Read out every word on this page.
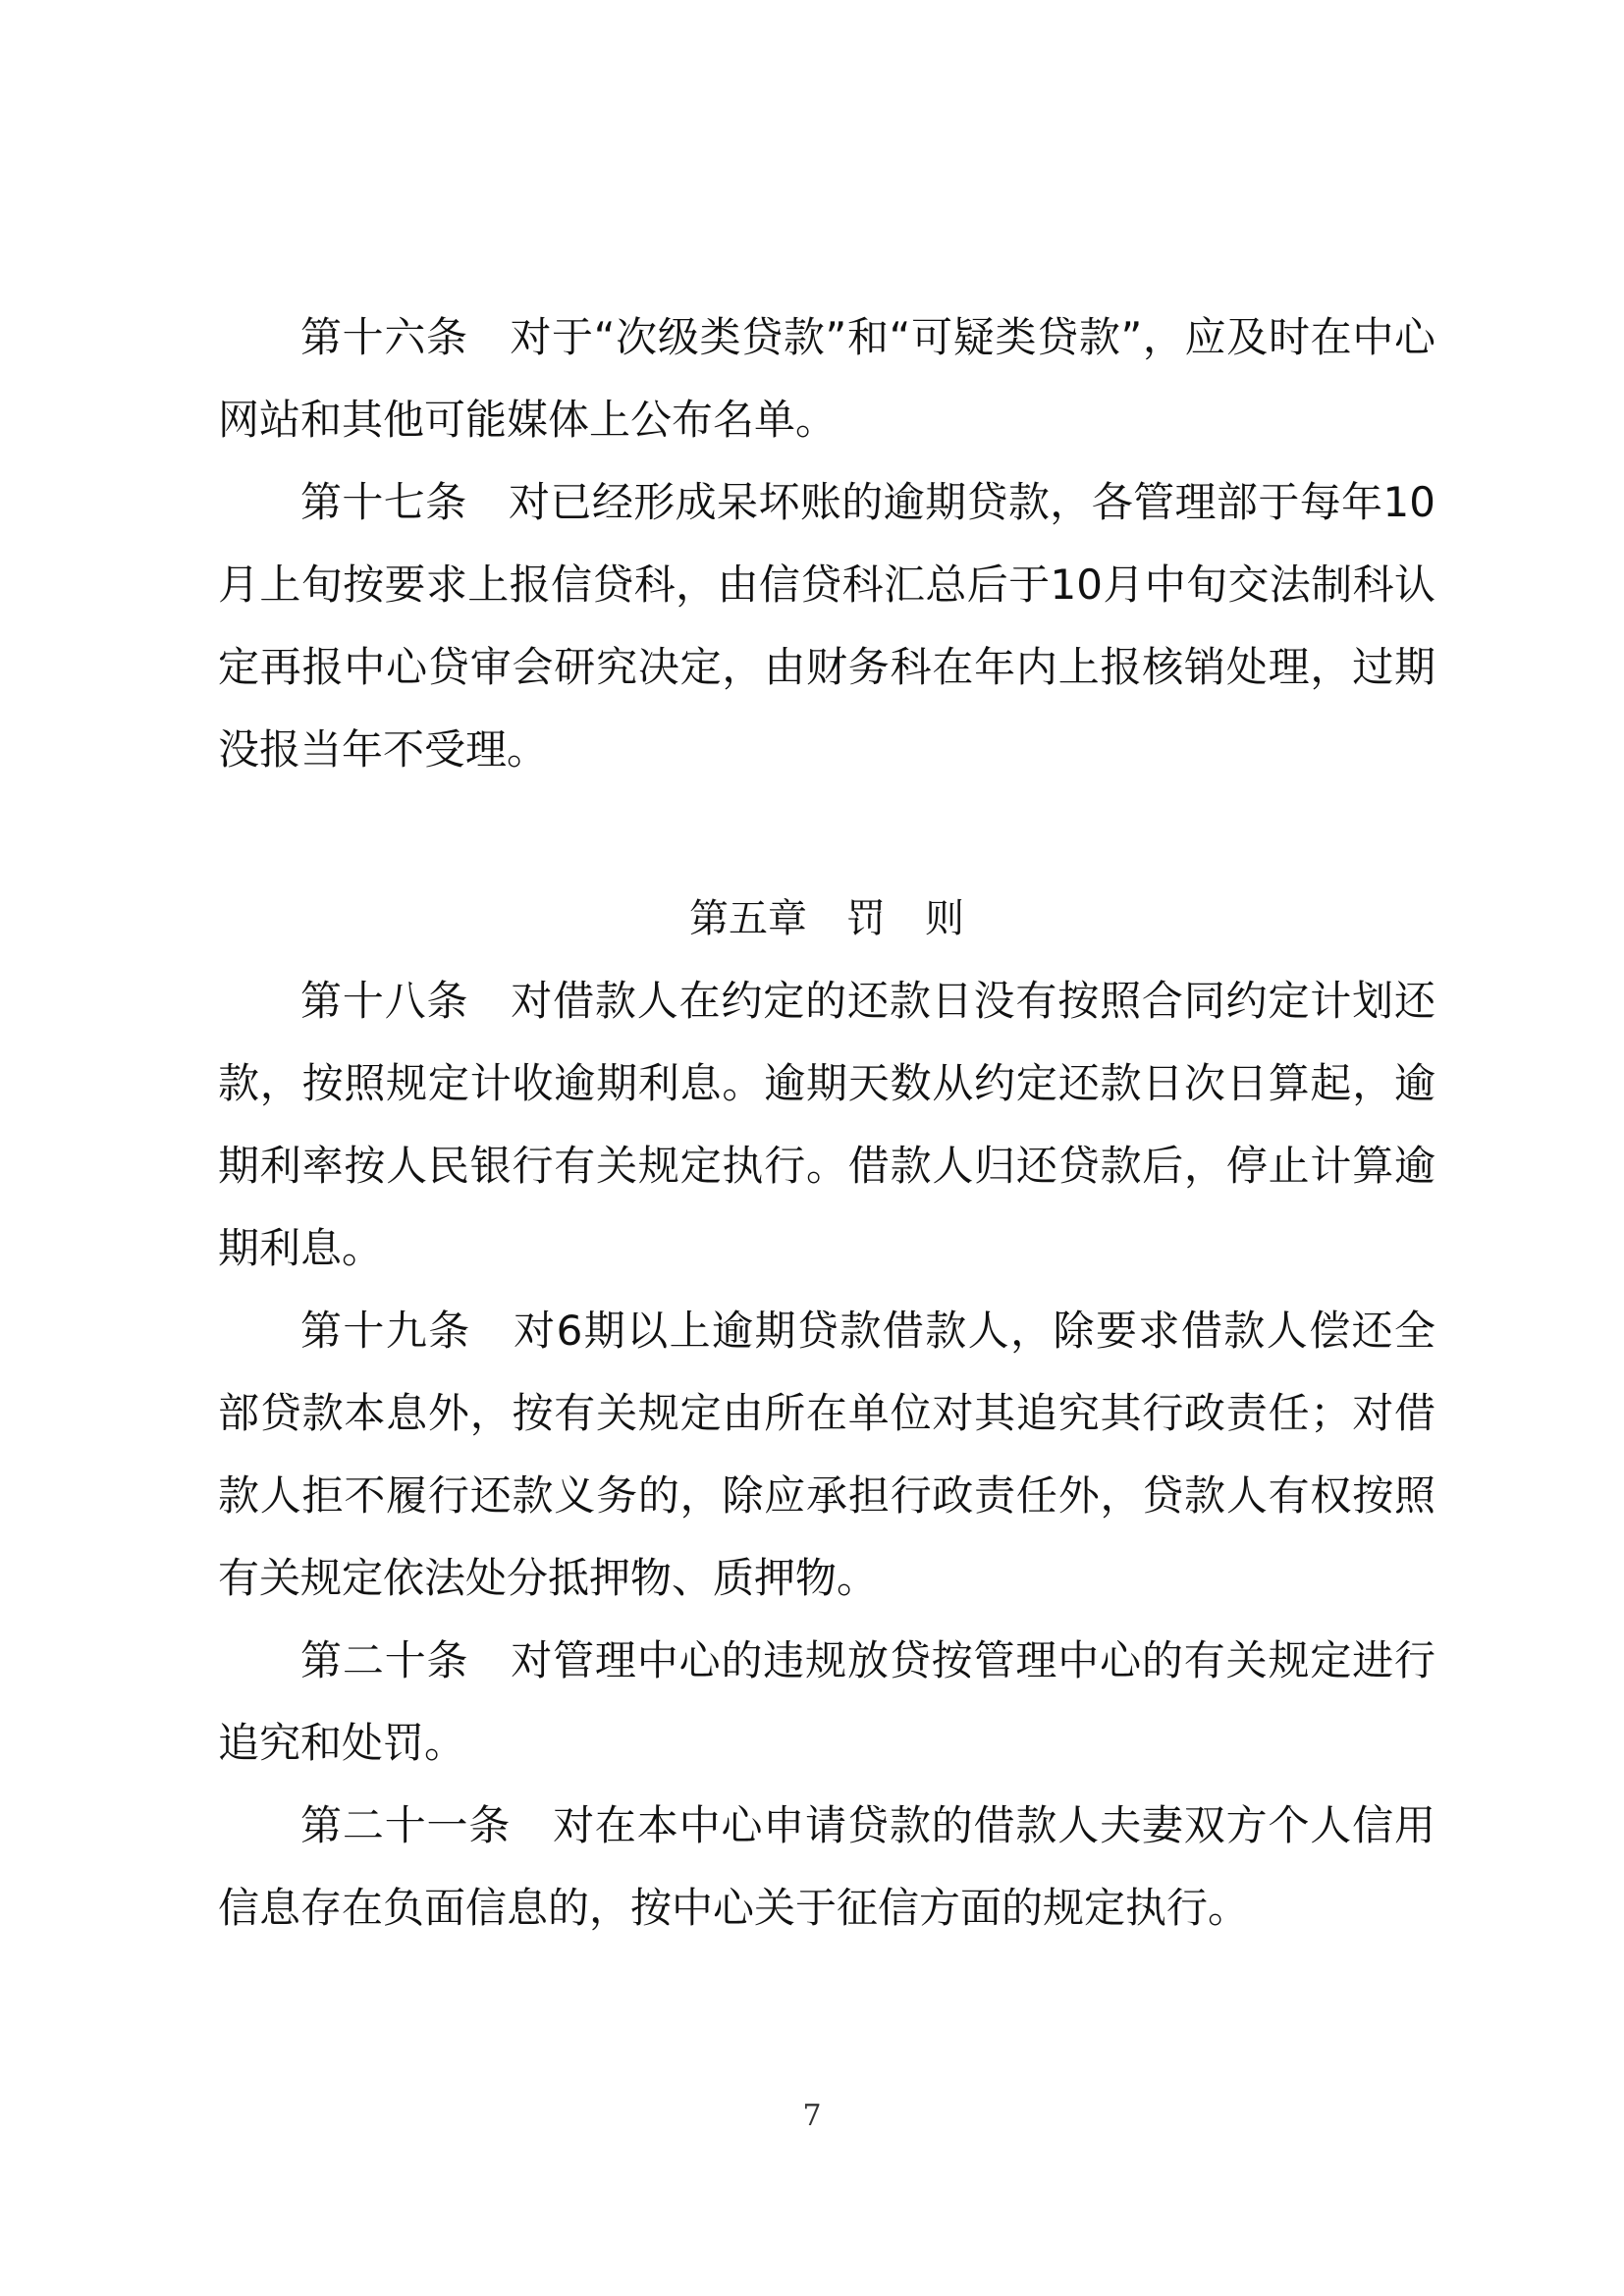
第十六条　对于“次级类贷款”和“可疑类贷款”，应及时在中心网站和其他可能媒体上公布名单。

第十七条　对已经形成呆坏账的逾期贷款，各管理部于每年10月上旬按要求上报信贷科，由信贷科汇总后于10月中旬交法制科认定再报中心贷审会研究决定，由财务科在年内上报核销处理，过期没报当年不受理。

第五章　罚　则

第十八条　对借款人在约定的还款日没有按照合同约定计划还款，按照规定计收逾期利息。逾期天数从约定还款日次日算起，逾期利率按人民银行有关规定执行。借款人归还贷款后，停止计算逾期利息。

第十九条　对6期以上逾期贷款借款人，除要求借款人偿还全部贷款本息外，按有关规定由所在单位对其追究其行政责任；对借款人拒不履行还款义务的，除应承担行政责任外，贷款人有权按照有关规定依法处分抵押物、质押物。

第二十条　对管理中心的违规放贷按管理中心的有关规定进行追究和处罚。

第二十一条　对在本中心申请贷款的借款人夫妻双方个人信用信息存在负面信息的，按中心关于征信方面的规定执行。

7
